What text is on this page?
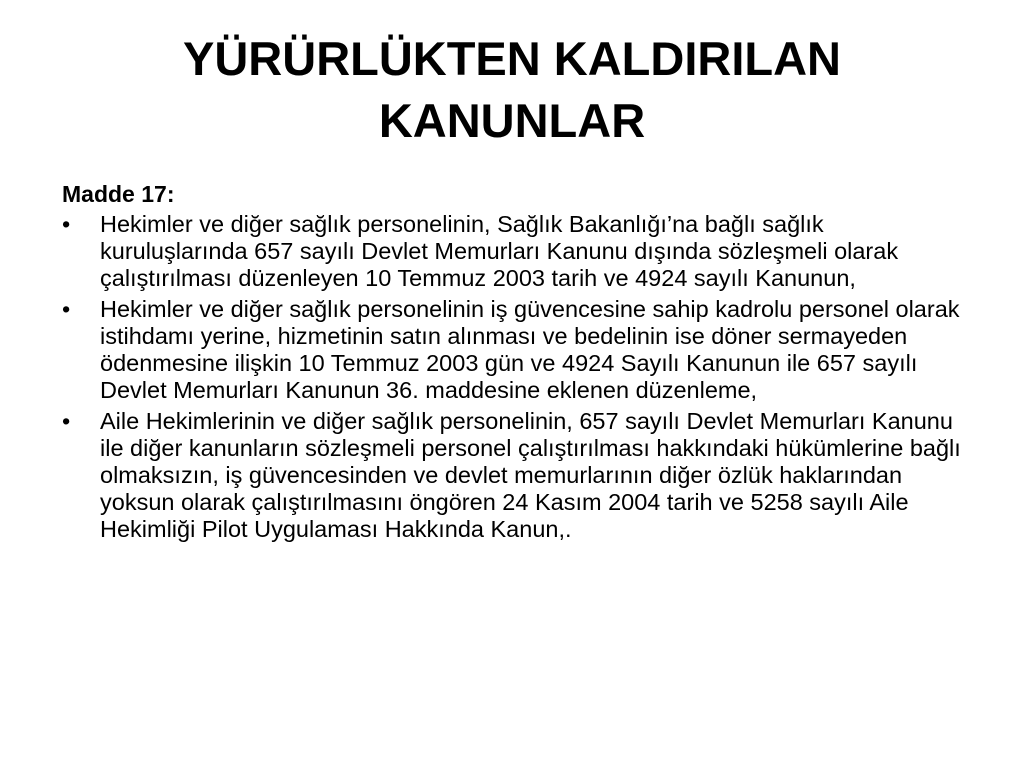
YÜRÜRLÜKTEN KALDIRILAN
KANUNLAR
Madde 17:
•	Hekimler ve diğer sağlık personelinin, Sağlık Bakanlığı’na bağlı sağlık kuruluşlarında 657 sayılı Devlet Memurları Kanunu dışında sözleşmeli olarak çalıştırılması düzenleyen 10 Temmuz 2003 tarih ve 4924 sayılı Kanunun,
•	Hekimler ve diğer sağlık personelinin iş güvencesine sahip kadrolu personel olarak istihdamı yerine, hizmetinin satın alınması ve bedelinin ise döner sermayeden ödenmesine ilişkin 10 Temmuz 2003 gün ve 4924 Sayılı Kanunun ile 657 sayılı Devlet Memurları Kanunun 36. maddesine eklenen düzenleme,
•	Aile Hekimlerinin ve diğer sağlık personelinin, 657 sayılı Devlet Memurları Kanunu ile diğer kanunların sözleşmeli personel çalıştırılması hakkındaki hükümlerine bağlı olmaksızın, iş güvencesinden ve devlet memurlarının diğer özlük haklarından yoksun olarak çalıştırılmasını öngören 24 Kasım 2004 tarih ve 5258 sayılı Aile Hekimliği Pilot Uygulaması Hakkında Kanun,.
